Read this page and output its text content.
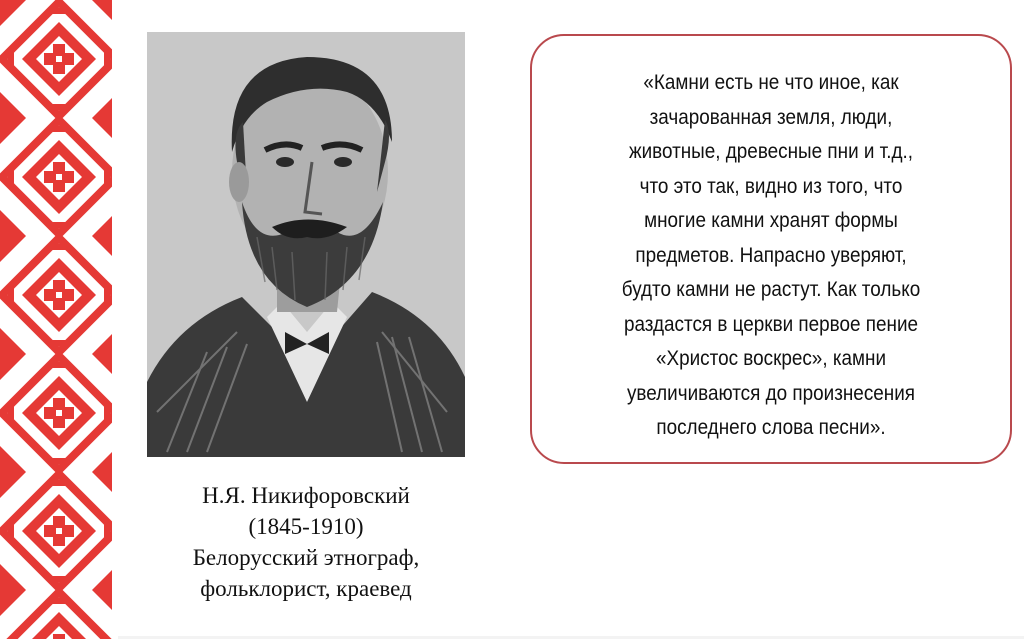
Н.Я. Никифоровский
(1845-1910)
Белорусский этнограф,
фольклорист, краевед
«Камни есть не что иное, как
зачарованная земля, люди,
животные, древесные пни и т.д.,
что это так, видно из того, что
многие камни хранят формы
предметов. Напрасно уверяют,
будто камни не растут. Как только
раздастся в церкви первое пение
«Христос воскрес», камни
увеличиваются до произнесения
последнего слова песни».
